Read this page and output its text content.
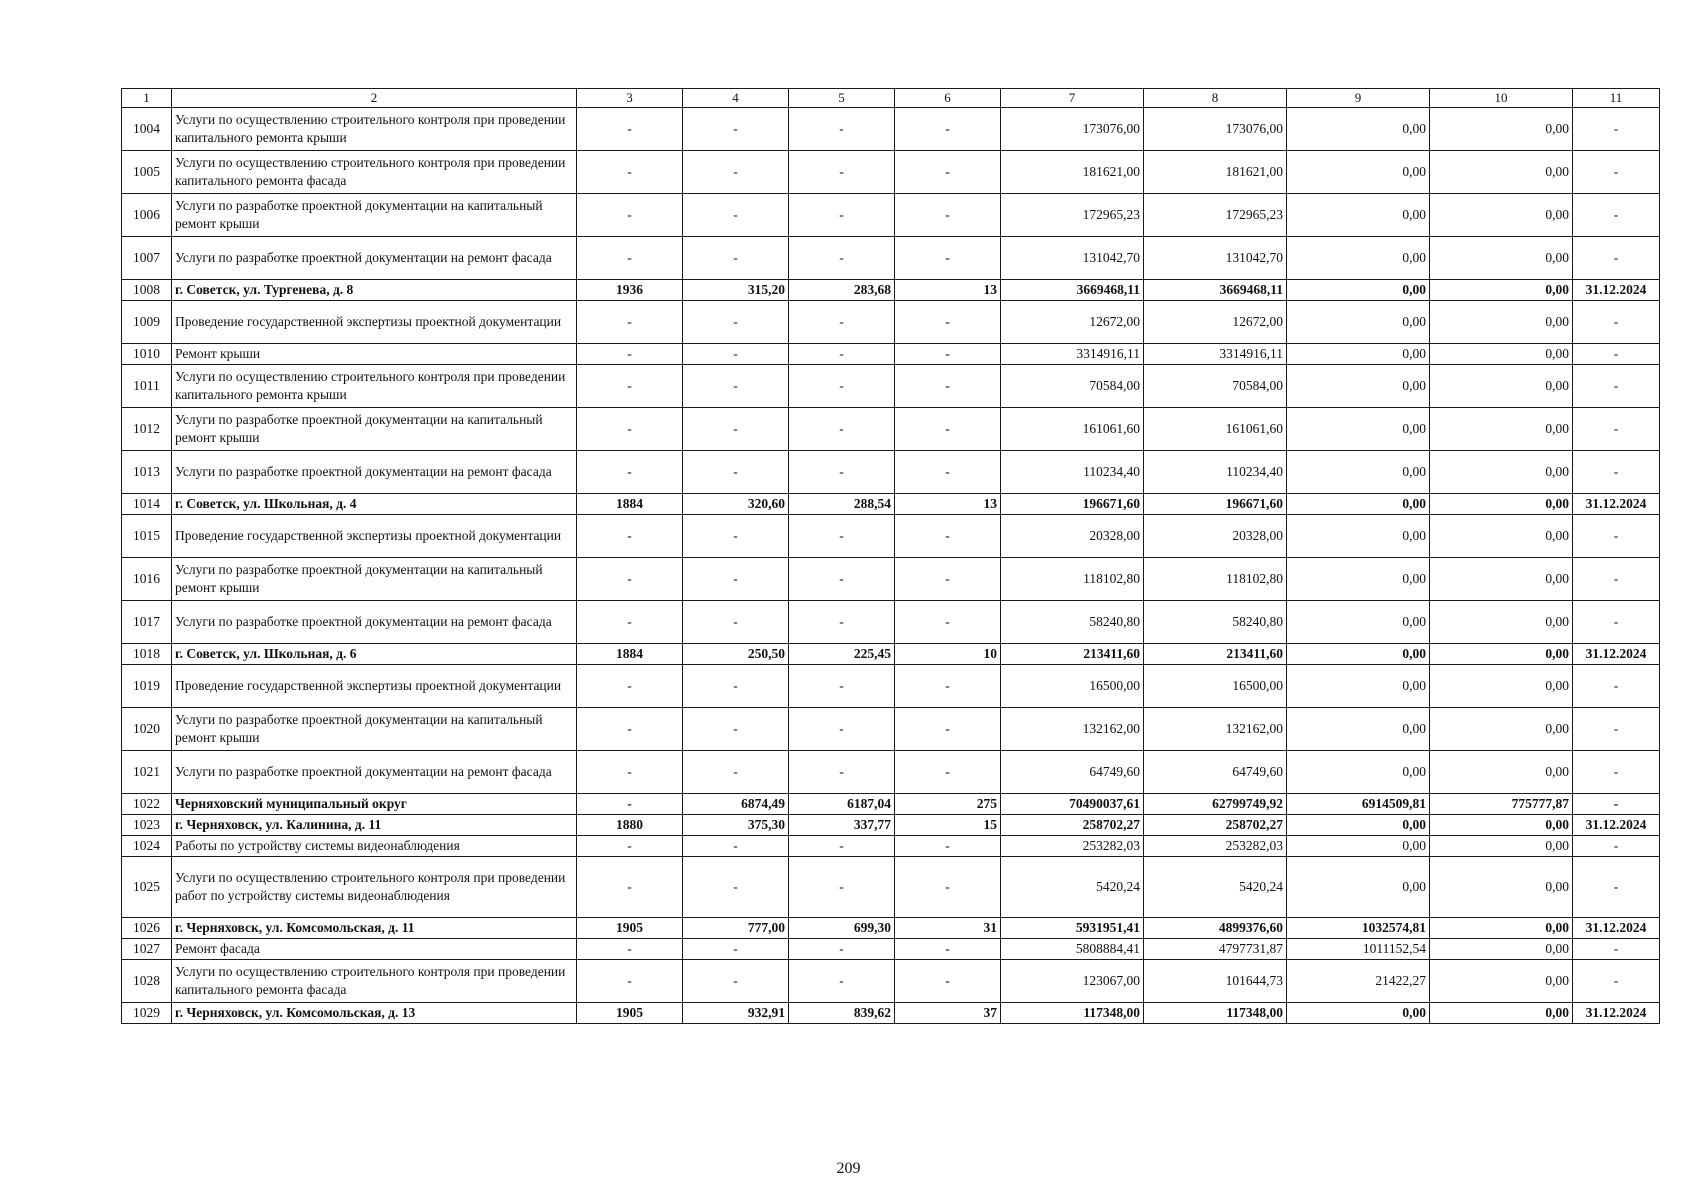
1	2	3	4	5	6	7	8	9	10	11
1004	Услуги по осуществлению строительного контроля при проведении капитального ремонта крыши	-	-	-	-	173076,00	173076,00	0,00	0,00	-
1005	Услуги по осуществлению строительного контроля при проведении капитального ремонта фасада	-	-	-	-	181621,00	181621,00	0,00	0,00	-
1006	Услуги по разработке проектной документации на капитальный ремонт крыши	-	-	-	-	172965,23	172965,23	0,00	0,00	-
1007	Услуги по разработке проектной документации на ремонт фасада	-	-	-	-	131042,70	131042,70	0,00	0,00	-
1008	г. Советск, ул. Тургенева, д. 8	1936	315,20	283,68	13	3669468,11	3669468,11	0,00	0,00	31.12.2024
1009	Проведение государственной экспертизы проектной документации	-	-	-	-	12672,00	12672,00	0,00	0,00	-
1010	Ремонт крыши	-	-	-	-	3314916,11	3314916,11	0,00	0,00	-
1011	Услуги по осуществлению строительного контроля при проведении капитального ремонта крыши	-	-	-	-	70584,00	70584,00	0,00	0,00	-
1012	Услуги по разработке проектной документации на капитальный ремонт крыши	-	-	-	-	161061,60	161061,60	0,00	0,00	-
1013	Услуги по разработке проектной документации на ремонт фасада	-	-	-	-	110234,40	110234,40	0,00	0,00	-
1014	г. Советск, ул. Школьная, д. 4	1884	320,60	288,54	13	196671,60	196671,60	0,00	0,00	31.12.2024
1015	Проведение государственной экспертизы проектной документации	-	-	-	-	20328,00	20328,00	0,00	0,00	-
1016	Услуги по разработке проектной документации на капитальный ремонт крыши	-	-	-	-	118102,80	118102,80	0,00	0,00	-
1017	Услуги по разработке проектной документации на ремонт фасада	-	-	-	-	58240,80	58240,80	0,00	0,00	-
1018	г. Советск, ул. Школьная, д. 6	1884	250,50	225,45	10	213411,60	213411,60	0,00	0,00	31.12.2024
1019	Проведение государственной экспертизы проектной документации	-	-	-	-	16500,00	16500,00	0,00	0,00	-
1020	Услуги по разработке проектной документации на капитальный ремонт крыши	-	-	-	-	132162,00	132162,00	0,00	0,00	-
1021	Услуги по разработке проектной документации на ремонт фасада	-	-	-	-	64749,60	64749,60	0,00	0,00	-
1022	Черняховский муниципальный округ	-	6874,49	6187,04	275	70490037,61	62799749,92	6914509,81	775777,87	-
1023	г. Черняховск, ул. Калинина, д. 11	1880	375,30	337,77	15	258702,27	258702,27	0,00	0,00	31.12.2024
1024	Работы по устройству системы видеонаблюдения	-	-	-	-	253282,03	253282,03	0,00	0,00	-
1025	Услуги по осуществлению строительного контроля при проведении работ по устройству системы видеонаблюдения	-	-	-	-	5420,24	5420,24	0,00	0,00	-
1026	г. Черняховск, ул. Комсомольская, д. 11	1905	777,00	699,30	31	5931951,41	4899376,60	1032574,81	0,00	31.12.2024
1027	Ремонт фасада	-	-	-	-	5808884,41	4797731,87	1011152,54	0,00	-
1028	Услуги по осуществлению строительного контроля при проведении капитального ремонта фасада	-	-	-	-	123067,00	101644,73	21422,27	0,00	-
1029	г. Черняховск, ул. Комсомольская, д. 13	1905	932,91	839,62	37	117348,00	117348,00	0,00	0,00	31.12.2024
209
